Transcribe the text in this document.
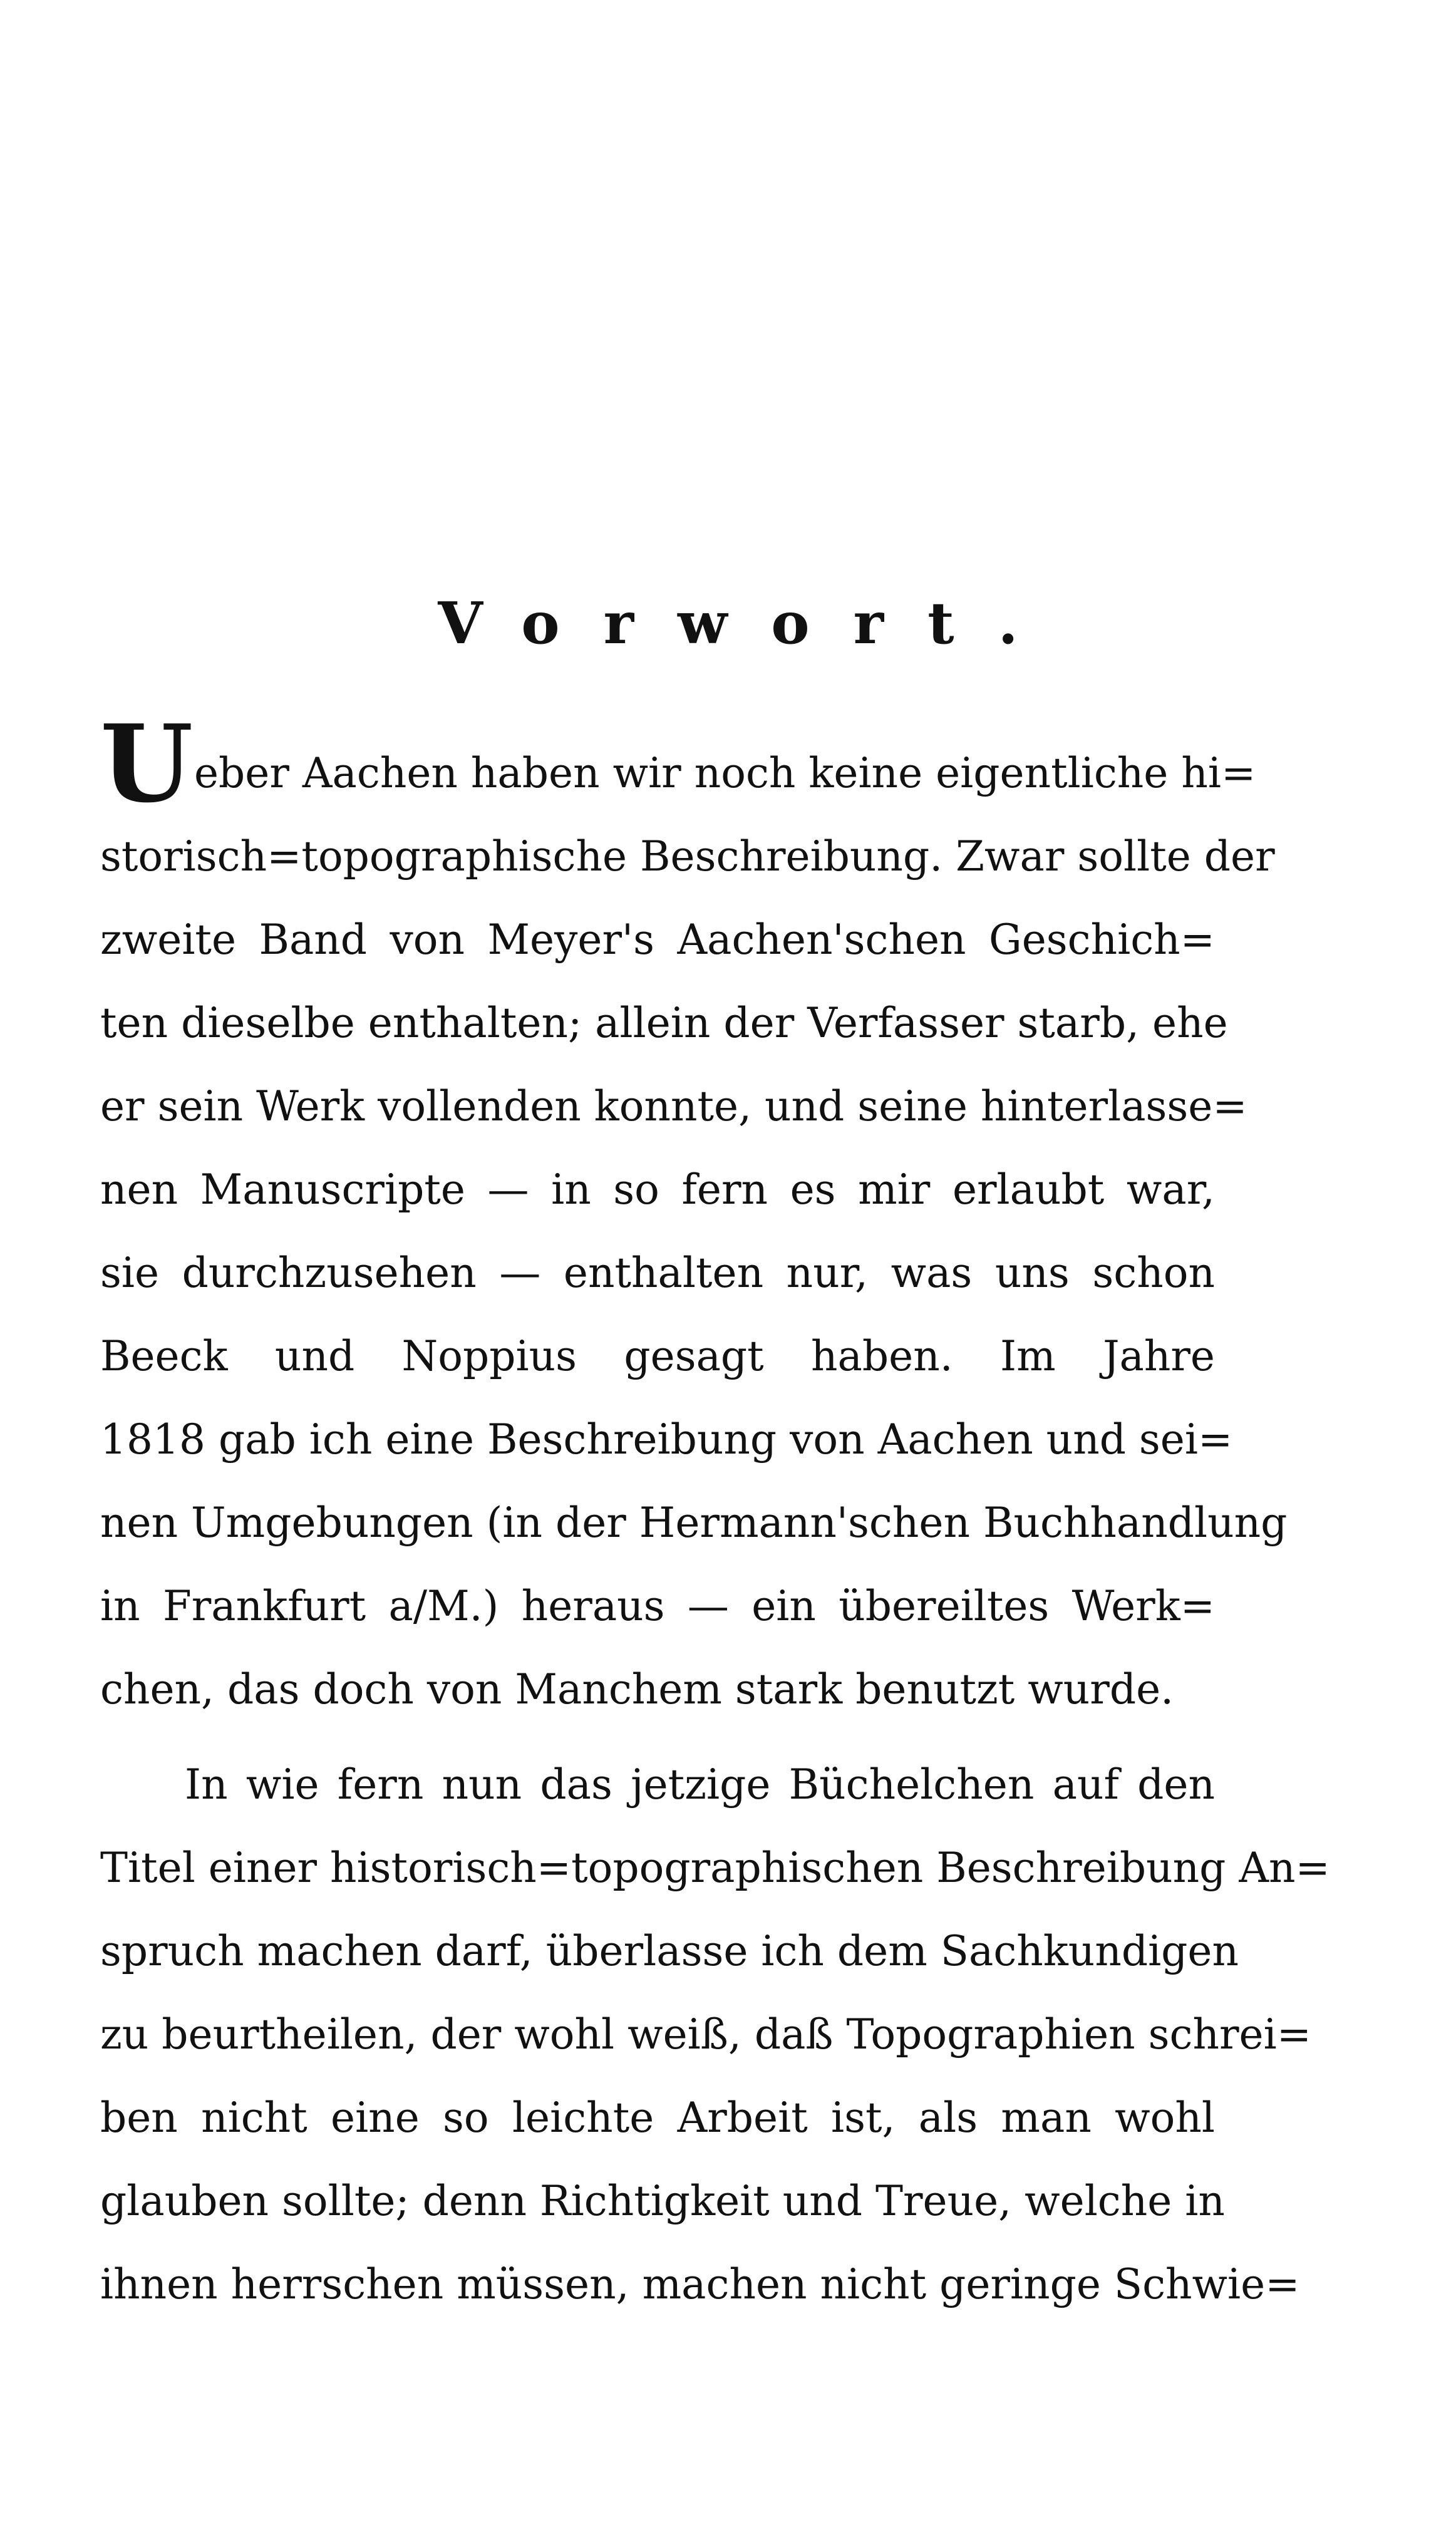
Vorwort.
U eber Aachen haben wir noch keine eigentliche hi=
storisch=topographische Beschreibung. Zwar sollte der
zweite Band von Meyer's Aachen'schen Geschich=
ten dieselbe enthalten; allein der Verfasser starb, ehe
er sein Werk vollenden konnte, und seine hinterlasse=
nen Manuscripte — in so fern es mir erlaubt war,
sie durchzusehen — enthalten nur, was uns schon
Beeck und Noppius gesagt haben. Im Jahre
1818 gab ich eine Beschreibung von Aachen und sei=
nen Umgebungen (in der Hermann'schen Buchhandlung
in Frankfurt a/M.) heraus — ein übereiltes Werk=
chen, das doch von Manchem stark benutzt wurde.
In wie fern nun das jetzige Büchelchen auf den
Titel einer historisch=topographischen Beschreibung An=
spruch machen darf, überlasse ich dem Sachkundigen
zu beurtheilen, der wohl weiß, daß Topographien schrei=
ben nicht eine so leichte Arbeit ist, als man wohl
glauben sollte; denn Richtigkeit und Treue, welche in
ihnen herrschen müssen, machen nicht geringe Schwie=
